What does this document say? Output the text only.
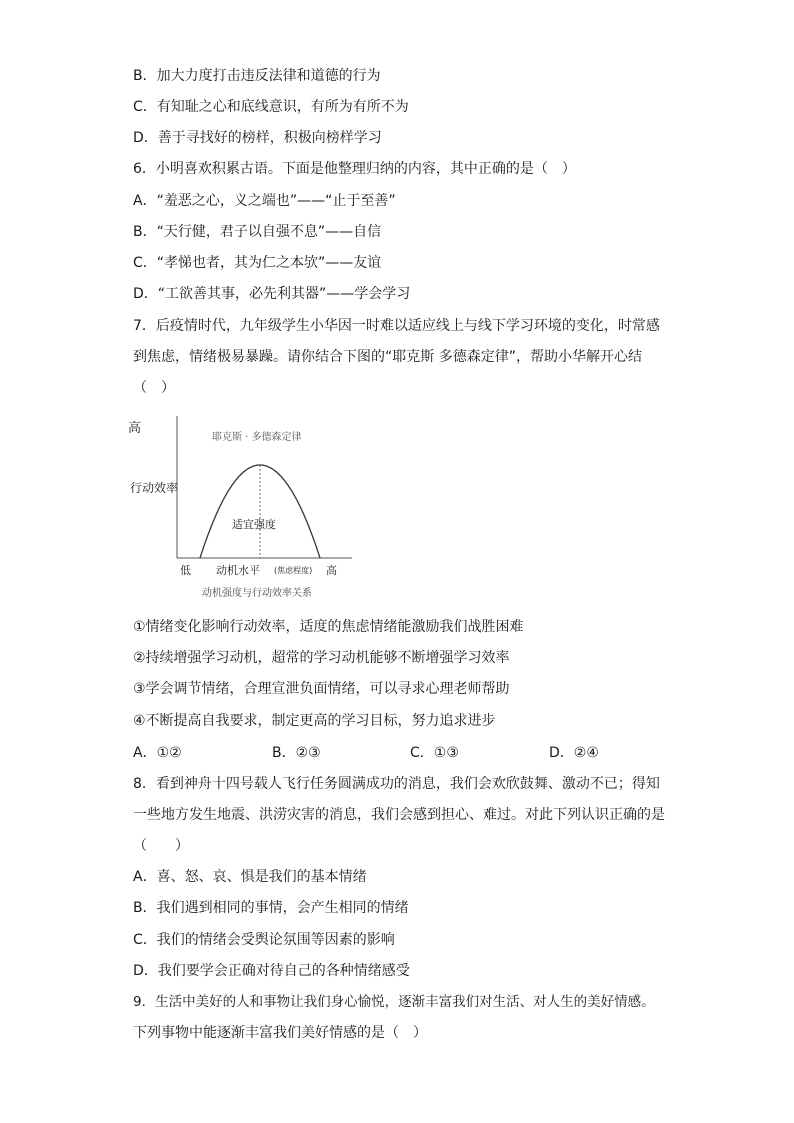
B．加大力度打击违反法律和道德的行为
C．有知耻之心和底线意识，有所为有所不为
D．善于寻找好的榜样，积极向榜样学习
6．小明喜欢积累古语。下面是他整理归纳的内容，其中正确的是（　）
A．“羞恶之心，义之端也”——“止于至善”
B．“天行健，君子以自强不息”——自信
C．“孝悌也者，其为仁之本欤”——友谊
D．“工欲善其事，必先利其器”——学会学习
7．后疫情时代，九年级学生小华因一时难以适应线上与线下学习环境的变化，时常感
到焦虑，情绪极易暴躁。请你结合下图的“耶克斯 多德森定律”，帮助小华解开心结
（　）
高
耶克斯 · 多德森定律
行动效率
适宜强度
低 动机水平 (焦虑程度) 高
动机强度与行动效率关系
①情绪变化影响行动效率，适度的焦虑情绪能激励我们战胜困难
②持续增强学习动机，超常的学习动机能够不断增强学习效率
③学会调节情绪，合理宣泄负面情绪，可以寻求心理老师帮助
④不断提高自我要求，制定更高的学习目标，努力追求进步
A．①②	B．②③	C．①③	D．②④
8．看到神舟十四号载人飞行任务圆满成功的消息，我们会欢欣鼓舞、激动不已；得知
一些地方发生地震、洪涝灾害的消息，我们会感到担心、难过。对此下列认识正确的是
（　　）
A．喜、怒、哀、惧是我们的基本情绪
B．我们遇到相同的事情，会产生相同的情绪
C．我们的情绪会受舆论氛围等因素的影响
D．我们要学会正确对待自己的各种情绪感受
9．生活中美好的人和事物让我们身心愉悦，逐渐丰富我们对生活、对人生的美好情感。
下列事物中能逐渐丰富我们美好情感的是（　）
